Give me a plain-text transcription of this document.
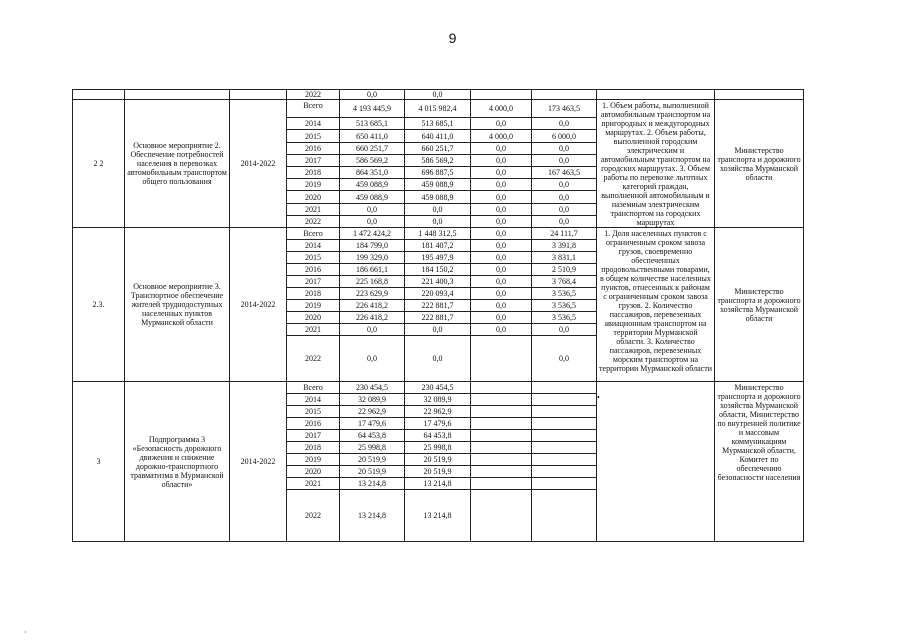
9
			2022	0,0	0,0				
2 2	Основное мероприятие 2. Обеспечение потребностей населения в перевозках автомобильным транспортом общего пользования	2014-2022	Всего	4 193 445,9	4 015 982,4	4 000,0	173 463,5	1. Объем работы, выполненной автомобильным транспортом на пригородных и междугородных маршрутах. 2. Объем работы, выполненной городским электрическим и автомобильным транспортом на городских маршрутах. 3. Объем работы по перевозке льготных категорий граждан, выполненной автомобильным и наземным электрическим транспортом на городских маршрутах	Министерство транспорта и дорожного хозяйства Мурманской области
			2014	513 685,1	513 685,1	0,0	0,0		
			2015	650 411,0	640 411,0	4 000,0	6 000,0		
			2016	660 251,7	660 251,7	0,0	0,0		
			2017	586 569,2	586 569,2	0,0	0,0		
			2018	864 351,0	696 887,5	0,0	167 463,5		
			2019	459 088,9	459 088,9	0,0	0,0		
			2020	459 088,9	459 088,9	0,0	0,0		
			2021	0,0	0,0	0,0	0,0		
			2022	0,0	0,0	0,0	0,0		
2.3.	Основное мероприятие 3. Транспортное обеспечение жителей труднодоступных населенных пунктов Мурманской области	2014-2022	Всего	1 472 424,2	1 448 312,5	0,0	24 111,7	1. Доля населенных пунктов с ограниченным сроком завоза грузов, своевременно обеспеченных продовольственными товарами, в общем количестве населенных пунктов, отнесенных к районам с ограниченным сроком завоза грузов. 2. Количество пассажиров, перевезенных авиационным транспортом на территории Мурманской области. 3. Количество пассажиров, перевезенных морским транспортом на территории Мурманской области	Министерство транспорта и дорожного хозяйства Мурманской области
			2014	184 799,0	181 407,2	0,0	3 391,8		
			2015	199 329,0	195 497,9	0,0	3 831,1		
			2016	186 661,1	184 150,2	0,0	2 510,9		
			2017	225 168,8	221 400,3	0,0	3 768,4		
			2018	223 629,9	220 093,4	0,0	3 536,5		
			2019	226 418,2	222 881,7	0,0	3 536,5		
			2020	226 418,2	222 881,7	0,0	3 536,5		
			2021	0,0	0,0	0,0	0,0		
			2022	0,0	0,0		0,0		
3	Подпрограмма 3 «Безопасность дорожного движения и снижение дорожно-транспортного травматизма в Мурманской области»	2014-2022	Всего	230 454,5	230 454,5				Министерство транспорта и дорожного хозяйства Мурманской области, Министерство по внутренней политике и массовым коммуникациям Мурманской области, Комитет по обеспечению безопасности населения
			2014	32 089,9	32 089,9				
			2015	22 962,9	22 962,9				
			2016	17 479,6	17 479,6				
			2017	64 453,8	64 453,8				
			2018	25 998,8	25 998,8				
			2019	20 519,9	20 519,9				
			2020	20 519,9	20 519,9				
			2021	13 214,8	13 214,8				
			2022	13 214,8	13 214,8				
•
·
